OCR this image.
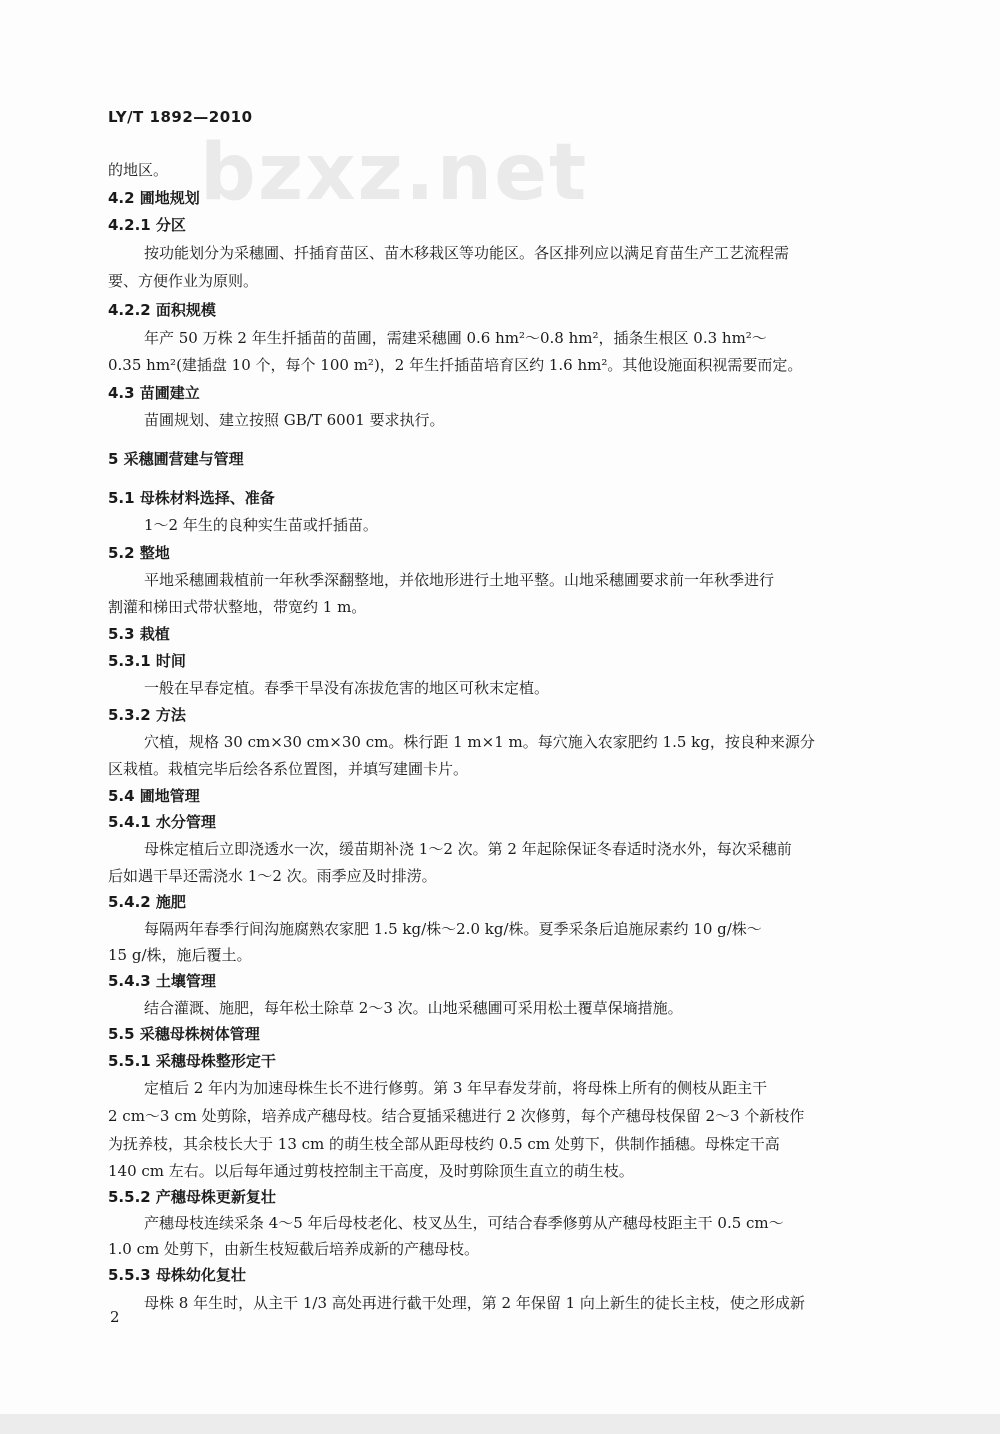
bzxz.net
LY/T 1892—2010
的地区。
4.2 圃地规划
4.2.1 分区
按功能划分为采穗圃、扦插育苗区、苗木移栽区等功能区。各区排列应以满足育苗生产工艺流程需
要、方便作业为原则。
4.2.2 面积规模
年产 50 万株 2 年生扦插苗的苗圃，需建采穗圃 0.6 hm²～0.8 hm²，插条生根区 0.3 hm²～
0.35 hm²(建插盘 10 个，每个 100 m²)，2 年生扦插苗培育区约 1.6 hm²。其他设施面积视需要而定。
4.3 苗圃建立
苗圃规划、建立按照 GB/T 6001 要求执行。
5 采穗圃营建与管理
5.1 母株材料选择、准备
1～2 年生的良种实生苗或扦插苗。
5.2 整地
平地采穗圃栽植前一年秋季深翻整地，并依地形进行土地平整。山地采穗圃要求前一年秋季进行
割灌和梯田式带状整地，带宽约 1 m。
5.3 栽植
5.3.1 时间
一般在早春定植。春季干旱没有冻拔危害的地区可秋末定植。
5.3.2 方法
穴植，规格 30 cm×30 cm×30 cm。株行距 1 m×1 m。每穴施入农家肥约 1.5 kg，按良种来源分
区栽植。栽植完毕后绘各系位置图，并填写建圃卡片。
5.4 圃地管理
5.4.1 水分管理
母株定植后立即浇透水一次，缓苗期补浇 1～2 次。第 2 年起除保证冬春适时浇水外，每次采穗前
后如遇干旱还需浇水 1～2 次。雨季应及时排涝。
5.4.2 施肥
每隔两年春季行间沟施腐熟农家肥 1.5 kg/株～2.0 kg/株。夏季采条后追施尿素约 10 g/株～
15 g/株，施后覆土。
5.4.3 土壤管理
结合灌溉、施肥，每年松土除草 2～3 次。山地采穗圃可采用松土覆草保墒措施。
5.5 采穗母株树体管理
5.5.1 采穗母株整形定干
定植后 2 年内为加速母株生长不进行修剪。第 3 年早春发芽前，将母株上所有的侧枝从距主干
2 cm～3 cm 处剪除，培养成产穗母枝。结合夏插采穗进行 2 次修剪，每个产穗母枝保留 2～3 个新枝作
为抚养枝，其余枝长大于 13 cm 的萌生枝全部从距母枝约 0.5 cm 处剪下，供制作插穗。母株定干高
140 cm 左右。以后每年通过剪枝控制主干高度，及时剪除顶生直立的萌生枝。
5.5.2 产穗母株更新复壮
产穗母枝连续采条 4～5 年后母枝老化、枝叉丛生，可结合春季修剪从产穗母枝距主干 0.5 cm～
1.0 cm 处剪下，由新生枝短截后培养成新的产穗母枝。
5.5.3 母株幼化复壮
母株 8 年生时，从主干 1/3 高处再进行截干处理，第 2 年保留 1 向上新生的徒长主枝，使之形成新
2
